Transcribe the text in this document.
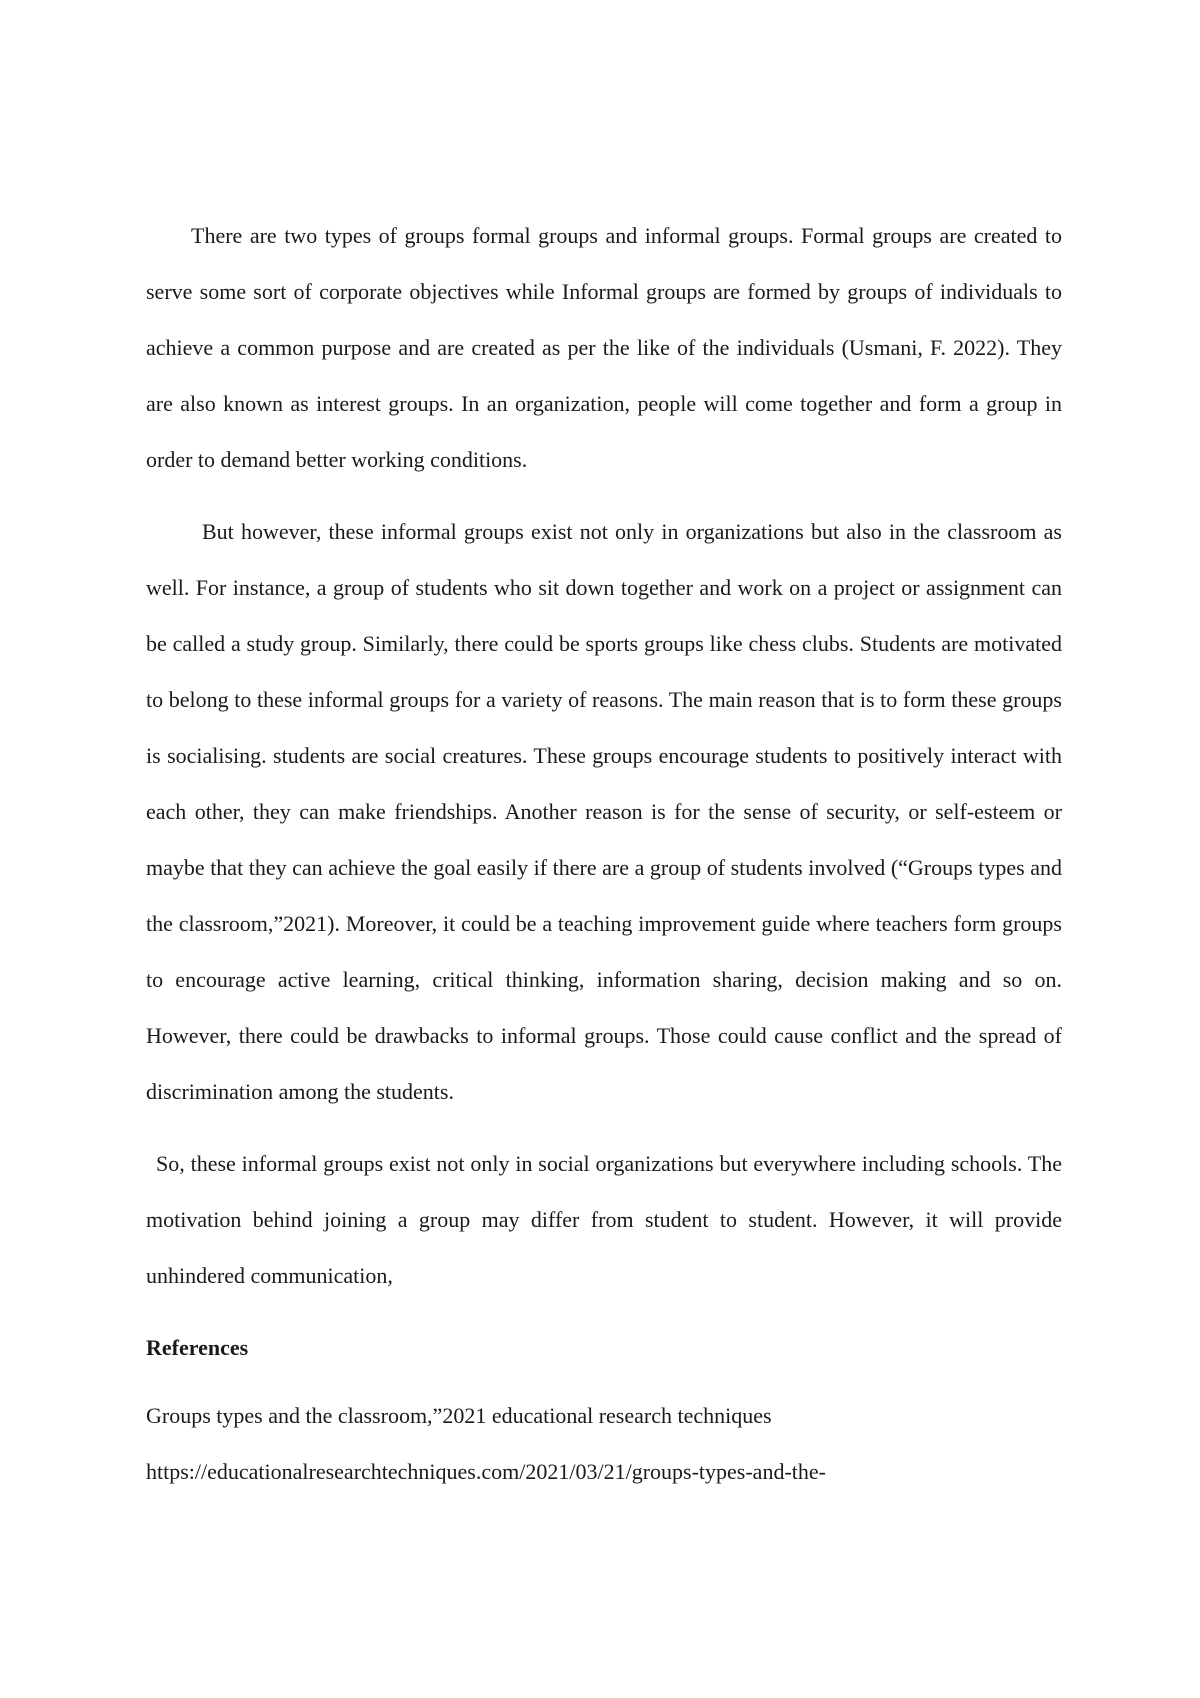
There are two types of groups formal groups and informal groups. Formal groups are created to serve some sort of corporate objectives while Informal groups are formed by groups of individuals to achieve a common purpose and are created as per the like of the individuals (Usmani, F. 2022). They are also known as interest groups. In an organization, people will come together and form a group in order to demand better working conditions.

But however, these informal groups exist not only in organizations but also in the classroom as well. For instance, a group of students who sit down together and work on a project or assignment can be called a study group. Similarly, there could be sports groups like chess clubs. Students are motivated to belong to these informal groups for a variety of reasons. The main reason that is to form these groups is socialising. students are social creatures. These groups encourage students to positively interact with each other, they can make friendships. Another reason is for the sense of security, or self-esteem or maybe that they can achieve the goal easily if there are a group of students involved (“Groups types and the classroom,”2021). Moreover, it could be a teaching improvement guide where teachers form groups to encourage active learning, critical thinking, information sharing, decision making and so on. However, there could be drawbacks to informal groups. Those could cause conflict and the spread of discrimination among the students.

So, these informal groups exist not only in social organizations but everywhere including schools. The motivation behind joining a group may differ from student to student. However, it will provide unhindered communication,

References

Groups types and the classroom,”2021 educational research techniques

https://educationalresearchtechniques.com/2021/03/21/groups-types-and-the-
